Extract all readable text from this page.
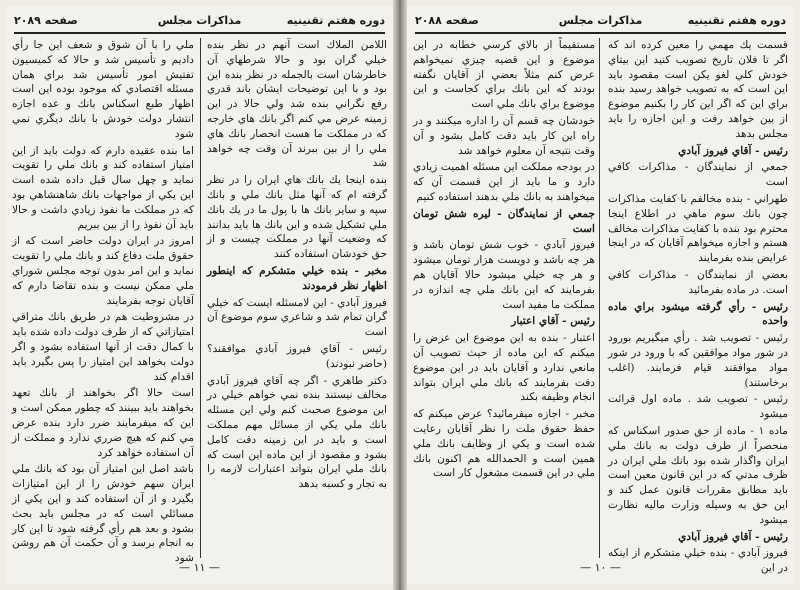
دوره هفتم تقنينيه
مذاكرات مجلس
صفحه ۲۰۸۹

اللامن الملاك است آنهم در نظر بنده خيلي گران بود و حالا شرطهاي آن خاطرشان است بالجمله در نظر بنده اين بود و با اين توضيحات ايشان باند قدري رفع نگراني بنده شد ولي حالا در اين زمينه عرض مي كنم اگر بانك هاي خارجه كه در مملكت ما هست انحصار بانك هاي ملي را از بين ببرند آن وقت چه خواهد شد

بنده اينجا يك بانك هاي ايران را در نظر گرفته ام كه آنها مثل بانك ملي و بانك سپه و ساير بانك ها با پول ما در يك بانك ملي تشكيل شده و اين بانك ها بايد بدانند كه وضعيت آنها در مملكت چيست و از حق خودشان استفاده كنند

مخبر - بنده خيلي متشكرم كه اينطور اظهار نظر فرمودند

فيروز آبادي - اين لامسئله ايست كه خيلي گران تمام شد و شاعري سوم موضوع آن است

رئيس - آقاي فيروز آبادي موافقند؟ (حاضر نبودند)

دكتر طاهري - اگر چه آقاي فيروز آبادي مخالف نيستند بنده نمي خواهم خيلي در اين موضوع صحبت كنم ولي اين مسئله بانك ملي يكي از مسائل مهم مملكت است و بايد در اين زمينه دقت كامل بشود و مقصود از اين ماده اين است كه بانك ملي ايران بتواند اعتبارات لازمه را به تجار و كسبه بدهد

ملي را با آن شوق و شعف اين جا رأي داديم و تأسيس شد و حالا كه كميسيون تفتيش امور تأسيس شد براي همان مسئله اقتصادي كه موجود بوده اين است اظهار طبع اسكناس بانك و عده اجازه انتشار دولت خودش با بانك ديگري نمي شود

اما بنده عقيده دارم كه دولت بايد از اين امتياز استفاده كند و بانك ملي را تقويت نمايد و چهل سال قبل داده شده است اين يكي از مواجهات بانك شاهنشاهي بود كه در مملكت ما نفوذ زيادي داشت و حالا بايد آن نفوذ را از بين ببريم

امروز در ايران دولت حاضر است كه از حقوق ملت دفاع كند و بانك ملي را تقويت نمايد و اين امر بدون توجه مجلس شوراي ملي ممكن نيست و بنده تقاضا دارم كه آقايان توجه بفرمايند

در مشروطيت هم در طريق بانك متراقي امتيازاتي كه از طرف دولت داده شده بايد با كمال دقت از آنها استفاده بشود و اگر دولت بخواهد اين امتياز را پس بگيرد بايد اقدام كند

است حالا اگر بخواهند از بانك تعهد بخواهند بايد ببينند كه چطور ممكن است و اين كه ميفرمايند ضرر دارد بنده عرض مي كنم كه هيچ ضرري ندارد و مملكت از آن استفاده خواهد كرد

باشد اصل اين امتياز آن بود كه بانك ملي ايران سهم خودش را از اين امتيازات بگيرد و از آن استفاده كند و اين يكي از مسائلي است كه در مجلس بايد بحث بشود و بعد هم رأي گرفته شود تا اين كار به انجام برسد و آن حكمت آن هم روشن شود

— ١١ —
دوره هفتم تقنينيه
مذاكرات مجلس
صفحه ۲۰۸۸

قسمت يك مهمي را معين كرده اند كه اگر تا فلان تاريخ تصويب كنيد اين بيتاي خودش كلي لغو يكن است مقصود بايد اين است كه به تصويب خواهد رسيد بنده براي اين كه اگر اين كار را بكنيم موضوع از بين خواهد رفت و اين اجازه را بايد مجلس بدهد

رئيس - آقاي فيروز آبادي

جمعي از نمايندگان - مذاكرات كافي است

طهراني - بنده مخالفم با كفايت مذاكرات چون بانك سوم ماهي در اطلاع اينجا محترم بود بنده با كفايت مذاكرات مخالف هستم و اجازه ميخواهم آقايان كه در اينجا عرايض بنده بفرمايند

بعضي از نمايندگان - مذاكرات كافي است. در ماده بفرمائيد

رئيس - رأي گرفته ميشود براي ماده واحده

رئيس - تصويب شد . رأي ميگيريم بورود در شور مواد موافقين كه با ورود در شور مواد موافقند قيام فرمايند. (اغلب برخاستند)

رئيس - تصويب شد . ماده اول قرائت ميشود

ماده ١ - ماده از حق صدور اسكناس كه منحصراً از طرف دولت به بانك ملي ايران واگذار شده بود بانك ملي ايران در ظرف مدتي كه در اين قانون معين است بايد مطابق مقررات قانون عمل كند و اين حق به وسيله وزارت ماليه نظارت ميشود

رئيس - آقاي فيروز آبادي

فيروز آبادي - بنده خيلي متشكرم از اينكه در اين

مستقيماً از بالاي كرسي خطابه در اين موضوع و اين قضيه چيزي نميخواهم عرض كنم مثلاً بعضي از آقايان نگفته بودند كه اين بانك براي كجاست و اين موضوع براي بانك ملي است

خودشان چه قسم آن را اداره ميكنند و در راه اين كار بايد دقت كامل بشود و آن وقت نتيجه آن معلوم خواهد شد

در بودجه مملكت اين مسئله اهميت زيادي دارد و ما بايد از اين قسمت آن كه ميخواهند به بانك ملي بدهند استفاده كنيم

جمعي از نمايندگان - ليره شش تومان است

فيروز آبادي - خوب شش تومان باشد و هر چه باشد و دويست هزار تومان ميشود و هر چه خيلي ميشود حالا آقايان هم بفرمايند كه اين بانك ملي چه اندازه در مملكت ما مفيد است

رئيس - آقاي اعتبار

اعتبار - بنده به اين موضوع اين عرض را ميكنم كه اين ماده از حيث تصويب آن مانعي ندارد و آقايان بايد در اين موضوع دقت بفرمايند كه بانك ملي ايران بتواند انجام وظيفه بكند

مخبر - اجازه ميفرمائيد؟ عرض ميكنم كه حفظ حقوق ملت را نظر آقايان رعايت شده است و يكي از وظايف بانك ملي همين است و الحمدالله هم اكنون بانك ملي در اين قسمت مشغول كار است

— ١٠ —
